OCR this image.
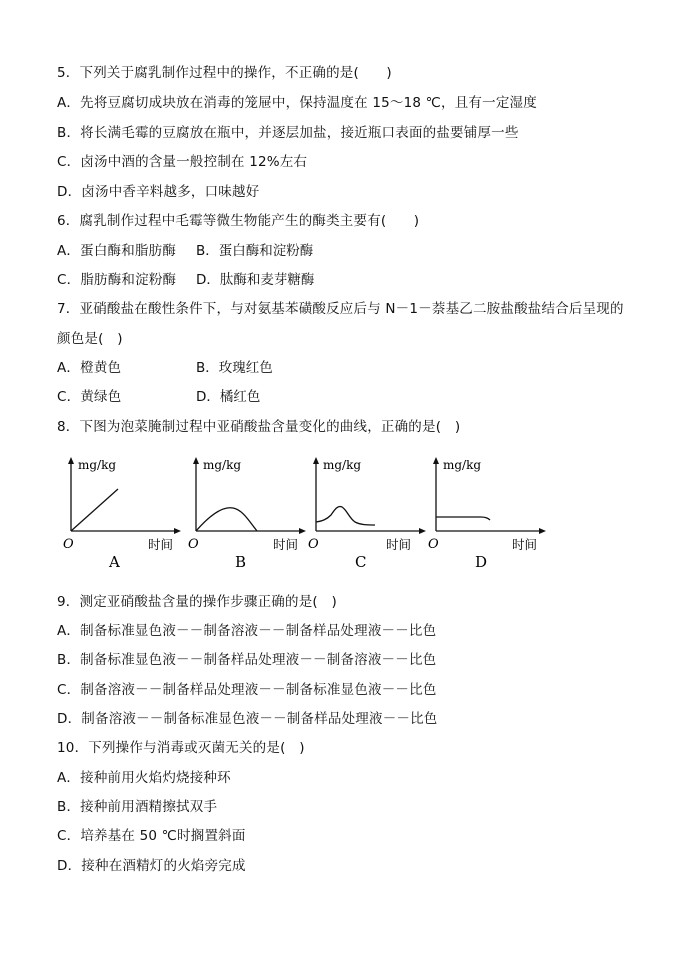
5．下列关于腐乳制作过程中的操作，不正确的是(　　)
A．先将豆腐切成块放在消毒的笼屉中，保持温度在 15～18 ℃，且有一定湿度
B．将长满毛霉的豆腐放在瓶中，并逐层加盐，接近瓶口表面的盐要铺厚一些
C．卤汤中酒的含量一般控制在 12%左右
D．卤汤中香辛料越多，口味越好
6．腐乳制作过程中毛霉等微生物能产生的酶类主要有(　　)
A．蛋白酶和脂肪酶 B．蛋白酶和淀粉酶
C．脂肪酶和淀粉酶 D．肽酶和麦芽糖酶
7．亚硝酸盐在酸性条件下，与对氨基苯磺酸反应后与 N－1－萘基乙二胺盐酸盐结合后呈现的
颜色是(　)
A．橙黄色	B．玫瑰红色
C．黄绿色	D．橘红色
8．下图为泡菜腌制过程中亚硝酸盐含量变化的曲线，正确的是(　)
mg/kg
O	时间
A
mg/kg
O	时间
B
mg/kg
O	时间
C
mg/kg
O	时间
D
9．测定亚硝酸盐含量的操作步骤正确的是(　)
A．制备标准显色液－－制备溶液－－制备样品处理液－－比色
B．制备标准显色液－－制备样品处理液－－制备溶液－－比色
C．制备溶液－－制备样品处理液－－制备标准显色液－－比色
D．制备溶液－－制备标准显色液－－制备样品处理液－－比色
10．下列操作与消毒或灭菌无关的是(　)
A．接种前用火焰灼烧接种环
B．接种前用酒精擦拭双手
C．培养基在 50 ℃时搁置斜面
D．接种在酒精灯的火焰旁完成
